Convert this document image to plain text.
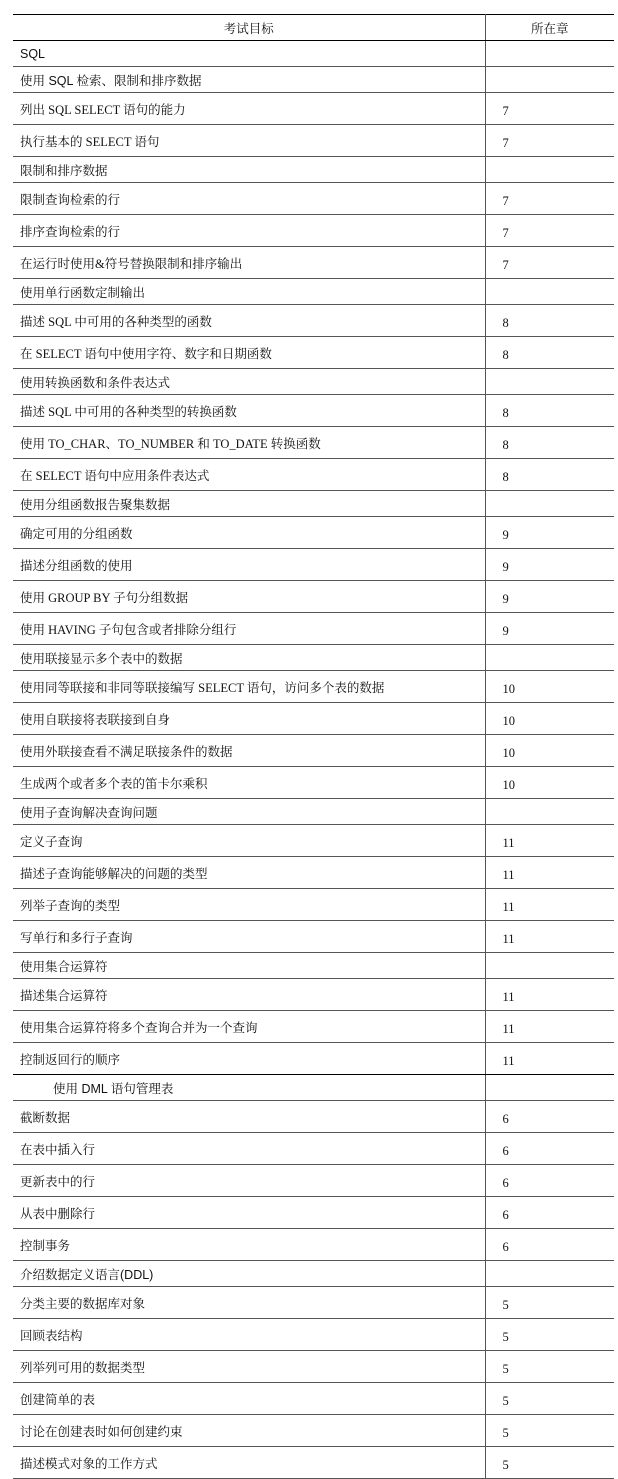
考试目标	所在章
SQL	
使用 SQL 检索、限制和排序数据	
列出 SQL SELECT 语句的能力	7
执行基本的 SELECT 语句	7
限制和排序数据	
限制查询检索的行	7
排序查询检索的行	7
在运行时使用&符号替换限制和排序输出	7
使用单行函数定制输出	
描述 SQL 中可用的各种类型的函数	8
在 SELECT 语句中使用字符、数字和日期函数	8
使用转换函数和条件表达式	
描述 SQL 中可用的各种类型的转换函数	8
使用 TO_CHAR、TO_NUMBER 和 TO_DATE 转换函数	8
在 SELECT 语句中应用条件表达式	8
使用分组函数报告聚集数据	
确定可用的分组函数	9
描述分组函数的使用	9
使用 GROUP BY 子句分组数据	9
使用 HAVING 子句包含或者排除分组行	9
使用联接显示多个表中的数据	
使用同等联接和非同等联接编写 SELECT 语句，访问多个表的数据	10
使用自联接将表联接到自身	10
使用外联接查看不满足联接条件的数据	10
生成两个或者多个表的笛卡尔乘积	10
使用子查询解决查询问题	
定义子查询	11
描述子查询能够解决的问题的类型	11
列举子查询的类型	11
写单行和多行子查询	11
使用集合运算符	
描述集合运算符	11
使用集合运算符将多个查询合并为一个查询	11
控制返回行的顺序	11
使用 DML 语句管理表	
截断数据	6
在表中插入行	6
更新表中的行	6
从表中删除行	6
控制事务	6
介绍数据定义语言(DDL)	
分类主要的数据库对象	5
回顾表结构	5
列举列可用的数据类型	5
创建简单的表	5
讨论在创建表时如何创建约束	5
描述模式对象的工作方式	5
